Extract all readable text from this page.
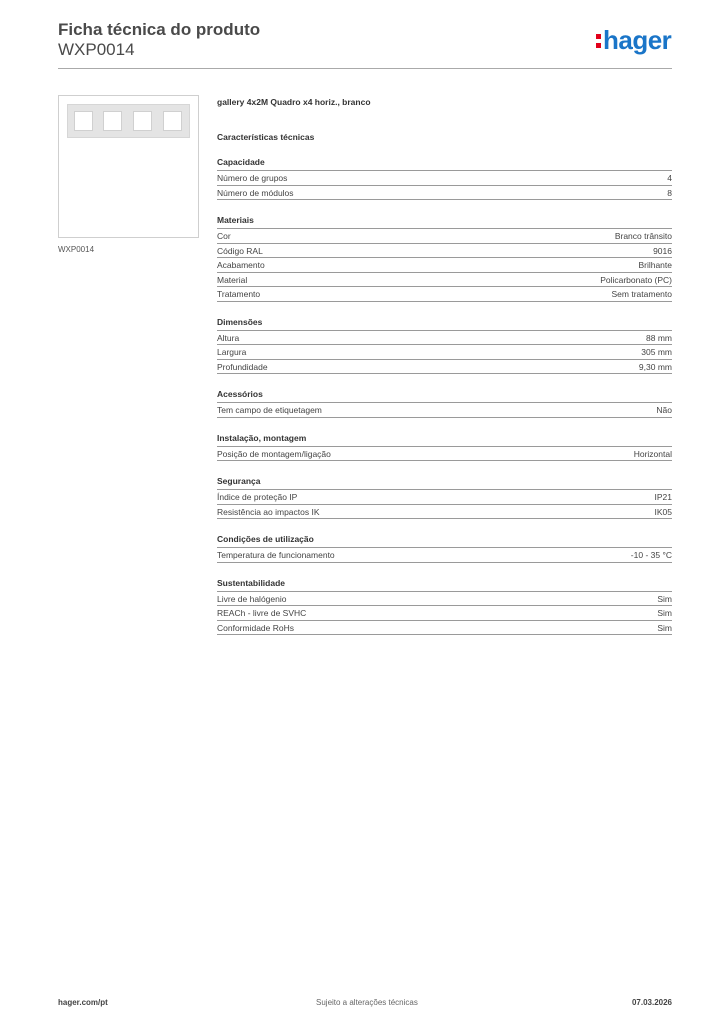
Ficha técnica do produto
WXP0014	hager
WXP0014
gallery 4x2M Quadro x4 horiz., branco
Características técnicas
Capacidade
Número de grupos	4
Número de módulos	8
Materiais
Cor	Branco trânsito
Código RAL	9016
Acabamento	Brilhante
Material	Policarbonato (PC)
Tratamento	Sem tratamento
Dimensões
Altura	88 mm
Largura	305 mm
Profundidade	9,30 mm
Acessórios
Tem campo de etiquetagem	Não
Instalação, montagem
Posição de montagem/ligação	Horizontal
Segurança
Índice de proteção IP	IP21
Resistência ao impactos IK	IK05
Condições de utilização
Temperatura de funcionamento	-10 - 35 °C
Sustentabilidade
Livre de halógenio	Sim
REACh - livre de SVHC	Sim
Conformidade RoHs	Sim
hager.com/pt	Sujeito a alterações técnicas	07.03.2026
